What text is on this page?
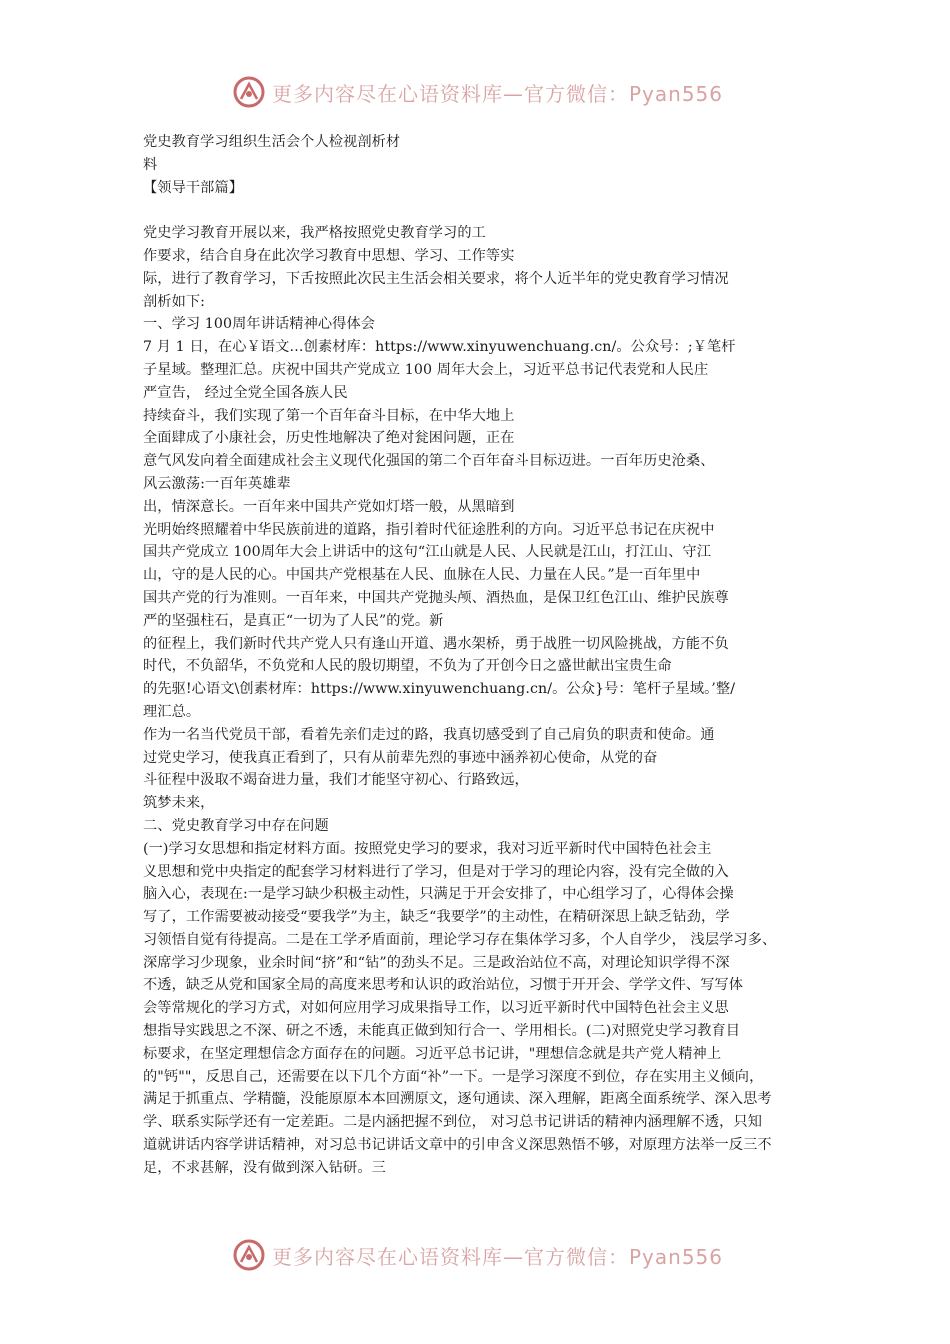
更多内容尽在心语资料库—官方微信：Pyan556
党史教育学习组织生活会个人检视剖析材
料
【领导干部篇】
党史学习教育开展以来，我严格按照党史教育学习的工
作要求，结合自身在此次学习教育中思想、学习、工作等实
际，进行了教育学习，下舌按照此次民主生活会相关要求，将个人近半年的党史教育学习情况
剖析如下:
一、学习 100周年讲话精神心得体会
7 月 1 日，在心￥语文…创素材库：https://www.xinyuwenchuang.cn/。公众号：;￥笔杆
子星域。整理汇总。庆祝中国共产党成立 100 周年大会上，习近平总书记代表党和人民庄
严宣告， 经过全党全国各族人民
持续奋斗，我们实现了第一个百年奋斗目标，在中华大地上
全面肆成了小康社会，历史性地解决了绝对瓮困问题，正在
意气风发向着全面建成社会主义现代化强国的第二个百年奋斗目标迈进。一百年历史沧桑、
风云激荡:一百年英雄辈
出，情深意长。一百年来中国共产党如灯塔一般，从黑暗到
光明始终照耀着中华民族前进的道路，指引着时代征途胜利的方向。习近平总书记在庆祝中
国共产党成立 100周年大会上讲话中的这句“江山就是人民、人民就是江山，打江山、守江
山，守的是人民的心。中国共产党根基在人民、血脉在人民、力量在人民。”是一百年里中
国共产党的行为准则。一百年来，中国共产党抛头颅、酒热血，是保卫红色江山、维护民族尊
严的坚强柱石，是真正“一切为了人民”的党。新
的征程上，我们新时代共产党人只有逢山开道、遇水架桥，勇于战胜一切风险挑战，方能不负
时代，不负韶华，不负党和人民的殷切期望，不负为了开创今日之盛世献出宝贵生命
的先驱!心语文\创素材库：https://www.xinyuwenchuang.cn/。公众}号：笔杆子星域。’整/
理汇总。
作为一名当代党员干部，看着先亲们走过的路，我真切感受到了自己肩负的职责和使命。通
过党史学习，使我真正看到了，只有从前辈先烈的事迹中涵养初心使命，从党的奋
斗征程中汲取不竭奋进力量，我们才能坚守初心、行路致远，
筑梦未来，
二、党史教育学习中存在问题
(一)学习女思想和指定材料方面。按照党史学习的要求，我对习近平新时代中国特色社会主
义思想和党中央指定的配套学习材料进行了学习，但是对于学习的理论内容，没有完全做的入
脑入心，表现在:一是学习缺少积极主动性，只满足于开会安排了，中心组学习了，心得体会操
写了，工作需要被动接受“要我学”为主，缺乏“我要学”的主动性，在精研深思上缺乏钻劲，学
习领悟自觉有待提高。二是在工学矛盾面前，理论学习存在集体学习多，个人自学少， 浅层学习多、
深席学习少现象，业余时间“挤”和“钻”的劲头不足。三是政治站位不高，对理论知识学得不深
不透，缺乏从党和国家全局的高度来思考和认识的政治站位，习惯于开开会、学学文件、写写体
会等常规化的学习方式，对如何应用学习成果指导工作，以习近平新时代中国特色社会主义思
想指导实践思之不深、研之不透，未能真正做到知行合一、学用相长。(二)对照党史学习教育目
标要求，在坚定理想信念方面存在的问题。习近平总书记讲，"理想信念就是共产党人精神上
的"钙""，反思自己，还需要在以下几个方面“补”一下。一是学习深度不到位，存在实用主义倾向，
满足于抓重点、学精髓，没能原原本本回溯原文，逐句通读、深入理解，距离全面系统学、深入思考
学、联系实际学还有一定差距。二是内涵把握不到位， 对习总书记讲话的精神内涵理解不透，只知
道就讲话内容学讲话精神，对习总书记讲话文章中的引申含义深思熟悟不够，对原理方法举一反三不
足，不求甚解，没有做到深入钻研。三
更多内容尽在心语资料库—官方微信：Pyan556
